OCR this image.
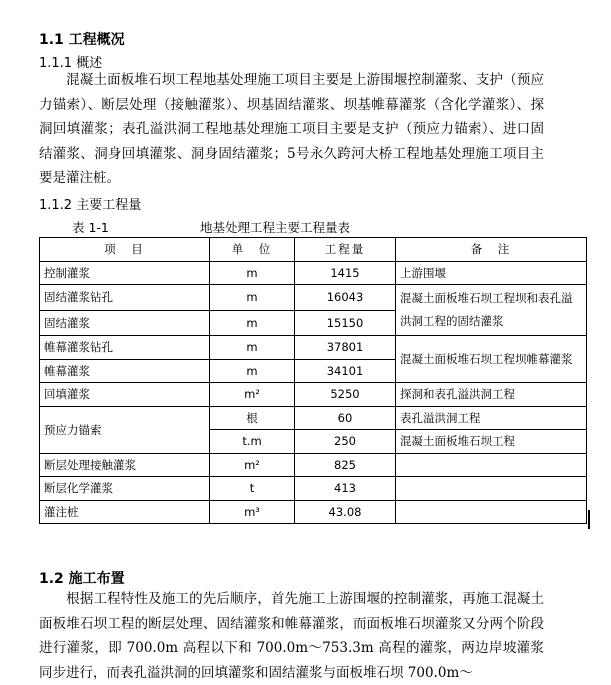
1.1 工程概况
1.1.1 概述

混凝土面板堆石坝工程地基处理施工项目主要是上游围堰控制灌浆、支护（预应力锚索）、断层处理（接触灌浆）、坝基固结灌浆、坝基帷幕灌浆（含化学灌浆）、探洞回填灌浆；表孔溢洪洞工程地基处理施工项目主要是支护（预应力锚索）、进口固结灌浆、洞身回填灌浆、洞身固结灌浆；5号永久跨河大桥工程地基处理施工项目主要是灌注桩。

1.1.2 主要工程量
表 1-1	地基处理工程主要工程量表
项　目	单　位	工程量	备　注
控制灌浆	m	1415	上游围堰
固结灌浆钻孔	m	16043	混凝土面板堆石坝工程坝和表孔溢洪洞工程的固结灌浆
固结灌浆	m	15150	
帷幕灌浆钻孔	m	37801	混凝土面板堆石坝工程坝帷幕灌浆
帷幕灌浆	m	34101	
回填灌浆	m²	5250	探洞和表孔溢洪洞工程
预应力锚索	根	60	表孔溢洪洞工程
	t.m	250	混凝土面板堆石坝工程
断层处理接触灌浆	m²	825	
断层化学灌浆	t	413	
灌注桩	m³	43.08	
1.2 施工布置

根据工程特性及施工的先后顺序，首先施工上游围堰的控制灌浆，再施工混凝土面板堆石坝工程的断层处理、固结灌浆和帷幕灌浆，而面板堆石坝灌浆又分两个阶段进行灌浆，即 700.0m 高程以下和 700.0m～753.3m 高程的灌浆，两边岸坡灌浆同步进行，而表孔溢洪洞的回填灌浆和固结灌浆与面板堆石坝 700.0m～
